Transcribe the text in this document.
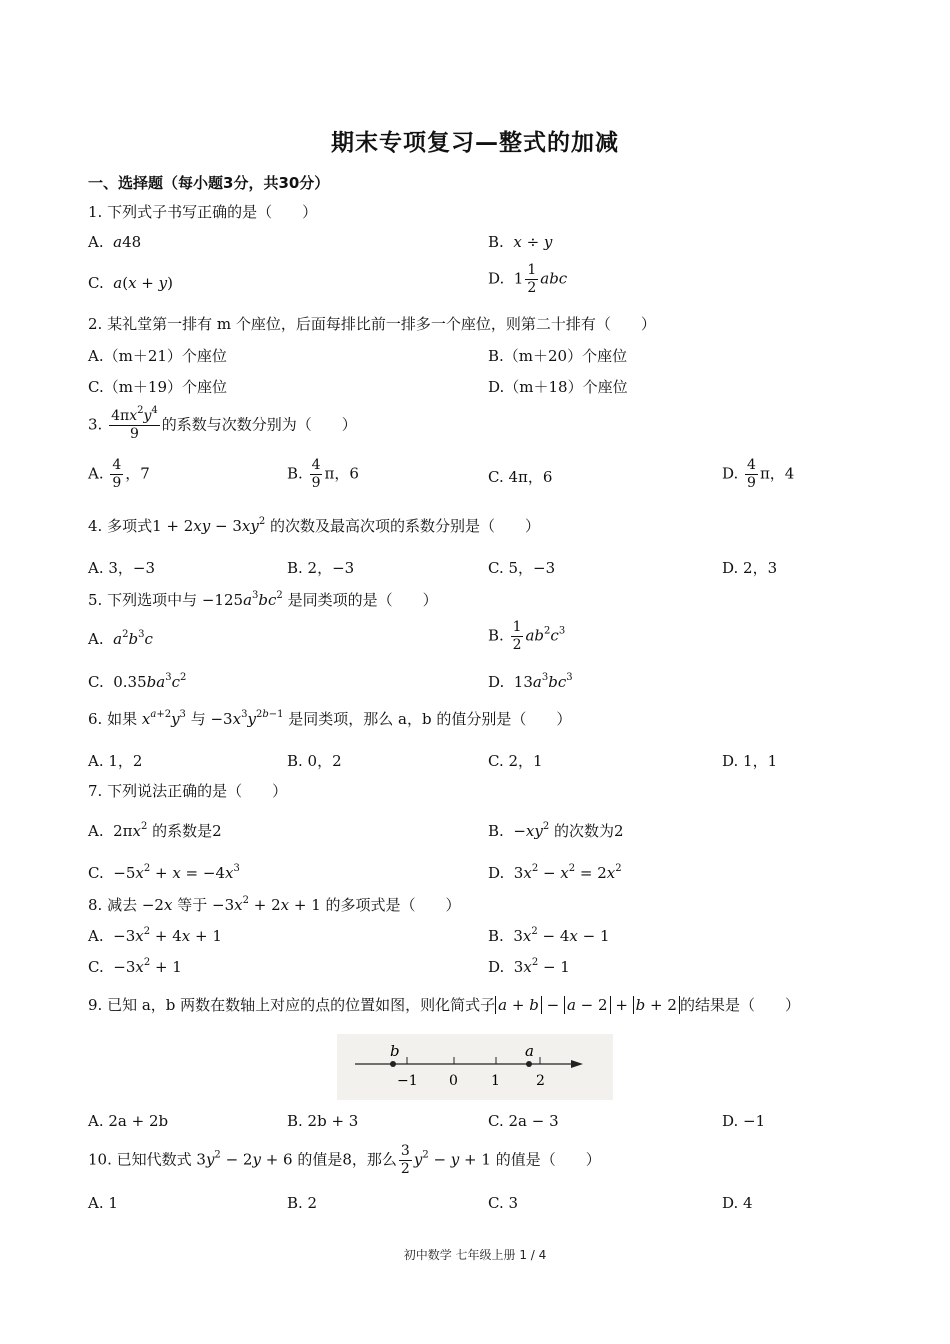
期末专项复习—整式的加减
一、选择题（每小题3分，共30分）
1. 下列式子书写正确的是（　　）
A.  a48	B.  x ÷ y
C.  a(x + y)	D.  $1 \frac{1}{2}$ abc
2. 某礼堂第一排有 m 个座位，后面每排比前一排多一个座位，则第二十排有（　　）
A.（m＋21）个座位	B.（m＋20）个座位
C.（m＋19）个座位	D.（m＋18）个座位
3. $\frac{4\pi x^2y^4}{9}$ 的系数与次数分别为（　　）
A. $\frac{4}{9}$ ，7	B. $\frac{4}{9}$ π，6	C. 4π，6	D. $\frac{4}{9}$ π，4
4. 多项式$1 + 2xy - 3xy^2$ 的次数及最高次项的系数分别是（　　）
A. 3，−3	B. 2，−3	C. 5，−3	D. 2，3
5. 下列选项中与 $-125a^3bc^2$ 是同类项的是（　　）
A.  $a^2b^3c$	B. $\frac{1}{2} ab^2c^3$
C.  $0.35ba^3c^2$	D.  $13a^3bc^3$
6. 如果 $x^{a+2}y^3$ 与 $-3x^3y^{2b-1}$ 是同类项，那么 a，b 的值分别是（　　）
A. 1，2	B. 0，2	C. 2，1	D. 1，1
7. 下列说法正确的是（　　）
A.  $2\pi x^2$ 的系数是2	B.  $-xy^2$ 的次数为2
C.  $-5x^2 + x = -4x^3$	D.  $3x^2 - x^2 = 2x^2$
8. 减去 −2x 等于 $-3x^2 + 2x + 1$ 的多项式是（　　）
A.  $-3x^2 + 4x + 1$	B.  $3x^2 - 4x - 1$
C.  $-3x^2 + 1$	D.  $3x^2 - 1$
9. 已知 a，b 两数在数轴上对应的点的位置如图，则化简式子 a + b − a − 2 + b + 2 的结果是（　　）
b	a
−1 0 1	2
A. 2a + 2b	B. 2b + 3	C. 2a − 3	D. −1
10. 已知代数式 $3y^2 - 2y + 6$ 的值是8，那么 $\frac{3}{2} y^2 - y + 1$ 的值是（　　）
A. 1	B. 2	C. 3	D. 4
初中数学 七年级上册 1 / 4
